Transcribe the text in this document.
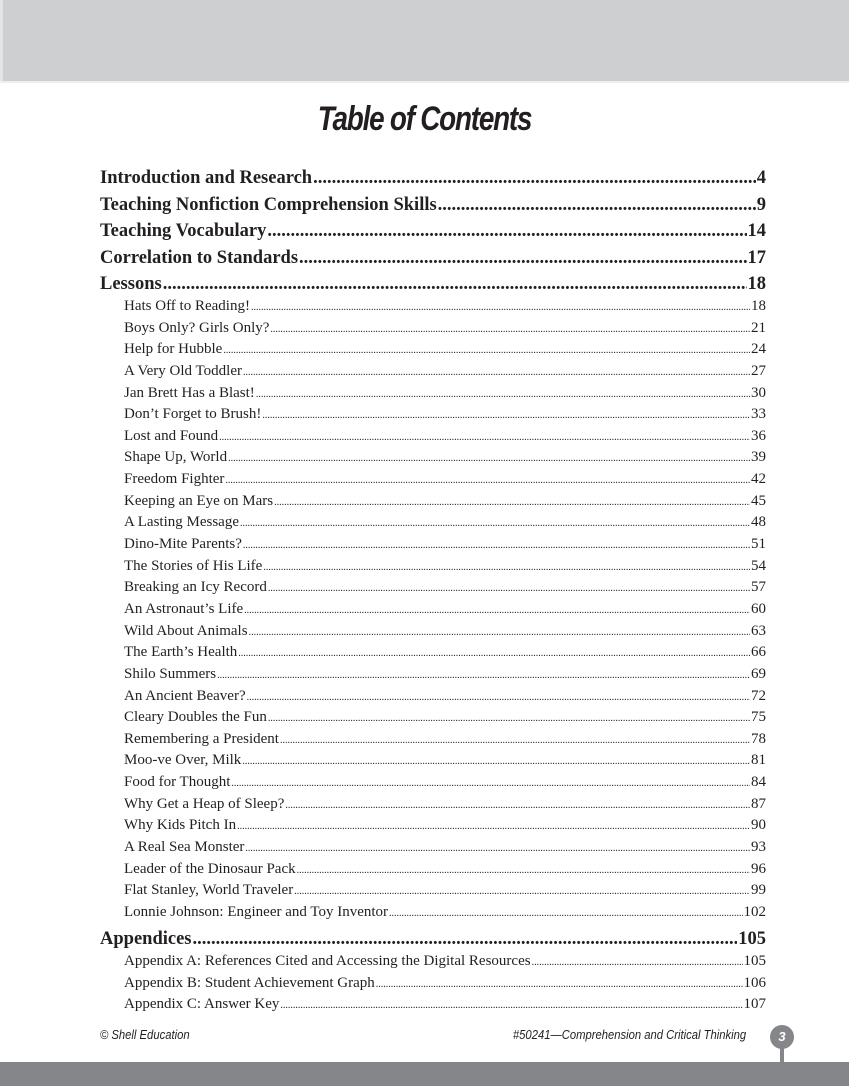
Table of Contents
Introduction and Research .....	4
Teaching Nonfiction Comprehension Skills .....	9
Teaching Vocabulary .....	14
Correlation to Standards .....	17
Lessons .....	18
Hats Off to Reading! .....	18
Boys Only? Girls Only? .....	21
Help for Hubble .....	24
A Very Old Toddler .....	27
Jan Brett Has a Blast! .....	30
Don’t Forget to Brush! .....	33
Lost and Found .....	36
Shape Up, World .....	39
Freedom Fighter .....	42
Keeping an Eye on Mars .....	45
A Lasting Message .....	48
Dino-Mite Parents? .....	51
The Stories of His Life .....	54
Breaking an Icy Record .....	57
An Astronaut’s Life .....	60
Wild About Animals .....	63
The Earth’s Health .....	66
Shilo Summers .....	69
An Ancient Beaver? .....	72
Cleary Doubles the Fun .....	75
Remembering a President .....	78
Moo-ve Over, Milk .....	81
Food for Thought .....	84
Why Get a Heap of Sleep? .....	87
Why Kids Pitch In .....	90
A Real Sea Monster .....	93
Leader of the Dinosaur Pack .....	96
Flat Stanley, World Traveler .....	99
Lonnie Johnson: Engineer and Toy Inventor .....	102
Appendices .....	105
Appendix A: References Cited and Accessing the Digital Resources .....	105
Appendix B: Student Achievement Graph .....	106
Appendix C: Answer Key .....	107
© Shell Education	#50241—Comprehension and Critical Thinking	3
